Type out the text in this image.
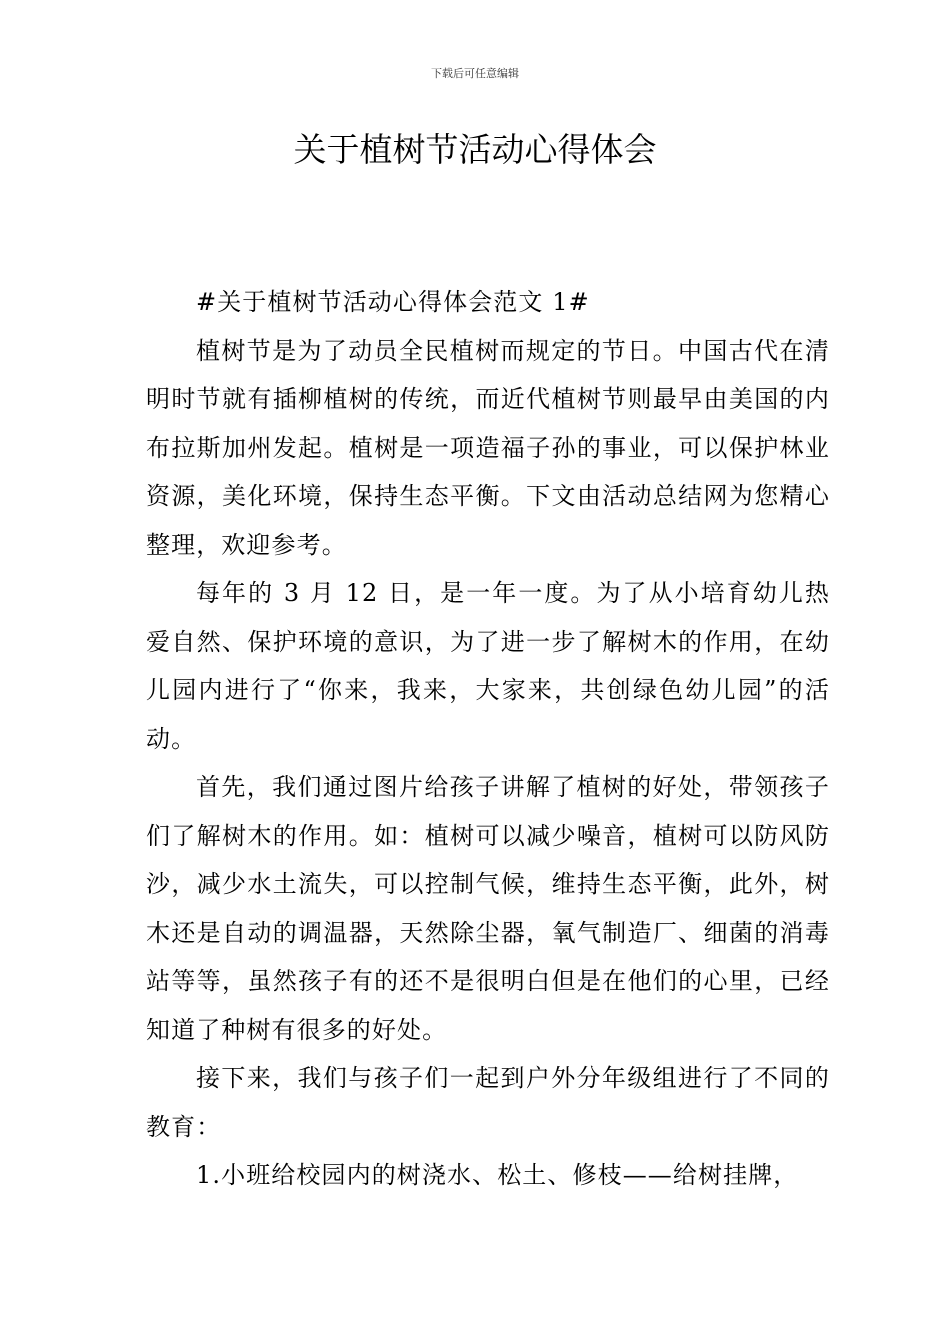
下载后可任意编辑
关于植树节活动心得体会

#关于植树节活动心得体会范文 1#

植树节是为了动员全民植树而规定的节日。中国古代在清明时节就有插柳植树的传统，而近代植树节则最早由美国的内布拉斯加州发起。植树是一项造福子孙的事业，可以保护林业资源，美化环境，保持生态平衡。下文由活动总结网为您精心整理，欢迎参考。

每年的 3 月 12 日，是一年一度。为了从小培育幼儿热爱自然、保护环境的意识，为了进一步了解树木的作用，在幼儿园内进行了“你来，我来，大家来，共创绿色幼儿园”的活动。

首先，我们通过图片给孩子讲解了植树的好处，带领孩子们了解树木的作用。如：植树可以减少噪音，植树可以防风防沙，减少水土流失，可以控制气候，维持生态平衡，此外，树木还是自动的调温器，天然除尘器，氧气制造厂、细菌的消毒站等等，虽然孩子有的还不是很明白但是在他们的心里，已经知道了种树有很多的好处。

接下来，我们与孩子们一起到户外分年级组进行了不同的教育：

1.小班给校园内的树浇水、松土、修枝——给树挂牌，
